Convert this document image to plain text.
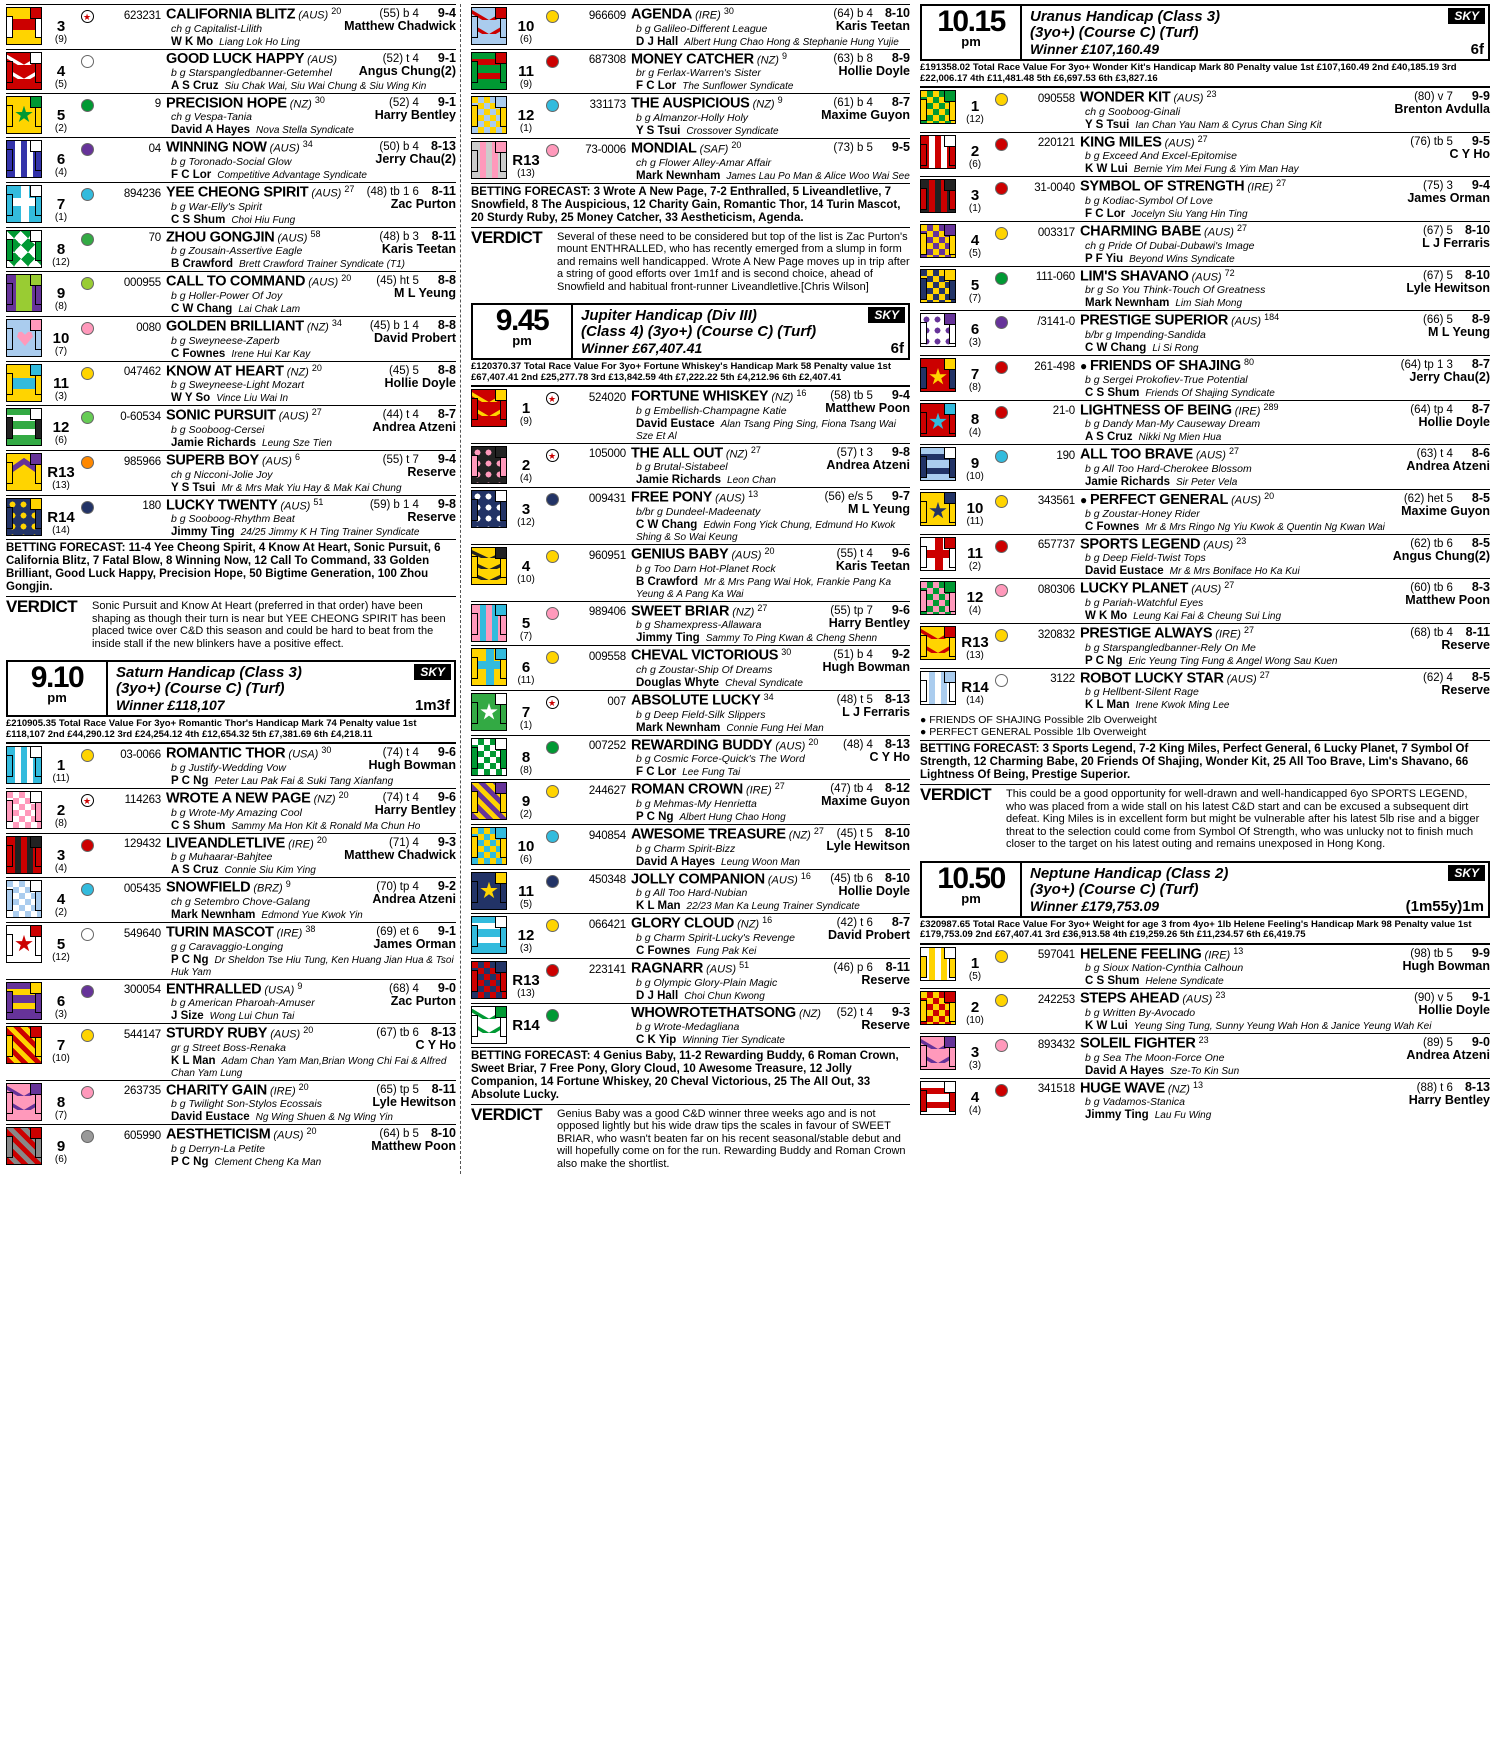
3
(9)
★	623231 CALIFORNIA BLITZ (AUS) $^{20}$	(55) b 4 9-4
ch g Capitalist-Lilith
W K Mo Liang Lok Ho Ling
Matthew Chadwick
4
(5)
GOOD LUCK HAPPY (AUS)	(52) t 4 9-1
b g Starspangledbanner-Getemhel
A S Cruz Siu Chak Wai, Siu Wai Chung & Siu Wing Kin
Angus Chung(2)
5
(2)
9 PRECISION HOPE (NZ) $^{30}$	(52) 4 9-1
ch g Vespa-Tania
David A Hayes Nova Stella Syndicate
Harry Bentley
6
(4)
04 WINNING NOW (AUS) $^{34}$	(50) b 4 8-13
b g Toronado-Social Glow
F C Lor Competitive Advantage Syndicate
Jerry Chau(2)
7
(1)
894236 YEE CHEONG SPIRIT (AUS) $^{27}$ (48) tb 1 6 8-11
b g War-Elly's Spirit
C S Shum Choi Hiu Fung
Zac Purton
8
(12)
70 ZHOU GONGJIN (AUS) $^{58}$	(48) b 3 8-11
b g Zousain-Assertive Eagle
B Crawford Brett Crawford Trainer Syndicate (T1)
Karis Teetan
9
(8)
000955 CALL TO COMMAND (AUS) $^{20}$ (45) ht 5 8-8
b g Holler-Power Of Joy
C W Chang Lai Chak Lam
M L Yeung
10
(7)
0080 GOLDEN BRILLIANT (NZ) $^{34}$ (45) b 1 4 8-8
b g Sweyneese-Zaperb
C Fownes Irene Hui Kar Kay
David Probert
11
(3)
047462 KNOW AT HEART (NZ) $^{20}$	(45) 5 8-8
b g Sweyneese-Light Mozart
W Y So Vince Liu Wai In
Hollie Doyle
12
(6)
0-60534 SONIC PURSUIT (AUS) $^{27}$	(44) t 4 8-7
b g Sooboog-Cersei
Jamie Richards Leung Sze Tien
Andrea Atzeni
R13
(13)
985966 SUPERB BOY (AUS) $^6$	(55) t 7 9-4
ch g Nicconi-Jolie Joy
Y S Tsui Mr & Mrs Mak Yiu Hay & Mak Kai Chung
Reserve
R14
(14)
180 LUCKY TWENTY (AUS) $^{51}$	(59) b 1 4 9-8
b g Sooboog-Rhythm Beat
Jimmy Ting 24/25 Jimmy K H Ting Trainer Syndicate
Reserve
BETTING FORECAST: 11-4 Yee Cheong Spirit, 4 Know At Heart, Sonic Pursuit, 6 California Blitz, 7 Fatal Blow, 8 Winning Now, 12 Call To Command, 33 Golden Brilliant, Good Luck Happy, Precision Hope, 50 Bigtime Generation, 100 Zhou Gongjin.
VERDICT	Sonic Pursuit and Know At Heart (preferred in that order) have been shaping as though their turn is near but YEE CHEONG SPIRIT has been placed twice over C&D this season and could be hard to beat from the inside stall if the new blinkers have a positive effect.
9.10
pm
SKY
Saturn Handicap (Class 3)
(3yo+) (Course C) (Turf)
Winner £118,107	1m3f
£210905.35 Total Race Value For 3yo+ Romantic Thor's Handicap Mark 74 Penalty value 1st £118,107 2nd £44,290.12 3rd £24,254.12 4th £12,654.32 5th £7,381.69 6th £4,218.11
1
(11)
03-0066 ROMANTIC THOR (USA) $^{30}$	(74) t 4 9-6
b g Justify-Wedding Vow
P C Ng Peter Lau Pak Fai & Suki Tang Xianfang
Hugh Bowman
2
(8)
★	114263 WROTE A NEW PAGE (NZ) $^{20}$	(74) t 4 9-6
b g Wrote-My Amazing Cool
C S Shum Sammy Ma Hon Kit & Ronald Ma Chun Ho
Harry Bentley
3
(4)
129432 LIVEANDLETLIVE (IRE) $^{20}$	(71) 4 9-3
b g Muhaarar-Bahjtee
A S Cruz Connie Siu Kim Ying
Matthew Chadwick
4
(2)
005435 SNOWFIELD (BRZ) $^9$	(70) tp 4 9-2
ch g Setembro Chove-Galang
Mark Newnham Edmond Yue Kwok Yin
Andrea Atzeni
5
(12)
549640 TURIN MASCOT (IRE) $^{38}$	(69) et 6 9-1
g g Caravaggio-Longing
P C Ng Dr Sheldon Tse Hiu Tung, Ken Huang Jian Hua & Tsoi Huk Yam
James Orman
6
(3)
300054 ENTHRALLED (USA) $^9$	(68) 4 9-0
b g American Pharoah-Amuser
J Size Wong Lui Chun Tai
Zac Purton
7
(10)
544147 STURDY RUBY (AUS) $^{20}$	(67) tb 6 8-13
gr g Street Boss-Renaka
K L Man Adam Chan Yam Man,Brian Wong Chi Fai & Alfred Chan Yam Lung
C Y Ho
8
(7)
263735 CHARITY GAIN (IRE) $^{20}$	(65) tp 5 8-11
b g Twilight Son-Stylos Ecossais
David Eustace Ng Wing Shuen & Ng Wing Yin
Lyle Hewitson
9
(6)
605990 AESTHETICISM (AUS) $^{20}$	(64) b 5 8-10
b g Derryn-La Petite
P C Ng Clement Cheng Ka Man
Matthew Poon
10
(6)
966609 AGENDA (IRE) $^{30}$	(64) b 4 8-10
b g Galileo-Different League
D J Hall Albert Hung Chao Hong & Stephanie Hung Yujie
Karis Teetan
11
(9)
687308 MONEY CATCHER (NZ) $^9$	(63) b 8 8-9
br g Ferlax-Warren's Sister
F C Lor The Sunflower Syndicate
Hollie Doyle
12
(1)
331173 THE AUSPICIOUS (NZ) $^9$	(61) b 4 8-7
b g Almanzor-Holly Holy
Y S Tsui Crossover Syndicate
Maxime Guyon
R13
(13)
73-0006 MONDIAL (SAF) $^{20}$	(73) b 5 9-5
ch g Flower Alley-Amar Affair
Mark Newnham James Lau Po Man & Alice Woo Wai See
BETTING FORECAST: 3 Wrote A New Page, 7-2 Enthralled, 5 Liveandletlive, 7 Snowfield, 8 The Auspicious, 12 Charity Gain, Romantic Thor, 14 Turin Mascot, 20 Sturdy Ruby, 25 Money Catcher, 33 Aestheticism, Agenda.
VERDICT	Several of these need to be considered but top of the list is Zac Purton's mount ENTHRALLED, who has recently emerged from a slump in form and remains well handicapped. Wrote A New Page moves up in trip after a string of good efforts over 1m1f and is second choice, ahead of Snowfield and habitual front-runner Liveandletlive.[Chris Wilson]
9.45
pm
SKY
Jupiter Handicap (Div III)
(Class 4) (3yo+) (Course C) (Turf)
Winner £67,407.41	6f
£120370.37 Total Race Value For 3yo+ Fortune Whiskey's Handicap Mark 58 Penalty value 1st £67,407.41 2nd £25,277.78 3rd £13,842.59 4th £7,222.22 5th £4,212.96 6th £2,407.41
1
(9)
★	524020 FORTUNE WHISKEY (NZ) $^{16}$ (58) tb 5 9-4
b g Embellish-Champagne Katie
David Eustace Alan Tsang Ping Sing, Fiona Tsang Wai Sze Et Al
Matthew Poon
2
(4)
★	105000 THE ALL OUT (NZ) $^{27}$	(57) t 3 9-8
b g Brutal-Sistabeel
Jamie Richards Leon Chan
Andrea Atzeni
3
(12)
009431 FREE PONY (AUS) $^{13}$	(56) e/s 5 9-7
b/br g Dundeel-Madeenaty
C W Chang Edwin Fong Yick Chung, Edmund Ho Kwok Shing & So Wai Keung
M L Yeung
4
(10)
960951 GENIUS BABY (AUS) $^{20}$	(55) t 4 9-6
b g Too Darn Hot-Planet Rock
B Crawford Mr & Mrs Pang Wai Hok, Frankie Pang Ka Yeung & A Pang Ka Wai
Karis Teetan
5
(7)
989406 SWEET BRIAR (NZ) $^{27}$	(55) tp 7 9-6
b g Shamexpress-Allawara
Jimmy Ting Sammy To Ping Kwan & Cheng Shenn
Harry Bentley
6
(11)
009558 CHEVAL VICTORIOUS $^{30}$	(51) b 4 9-2
ch g Zoustar-Ship Of Dreams
Douglas Whyte Cheval Syndicate
Hugh Bowman
7
(1)
★	007 ABSOLUTE LUCKY $^{34}$	(48) t 5 8-13
b g Deep Field-Silk Slippers
Mark Newnham Connie Fung Hei Man
L J Ferraris
8
(8)
007252 REWARDING BUDDY (AUS) $^{20}$ (48) 4 8-13
b g Cosmic Force-Quick's The Word
F C Lor Lee Fung Tai
C Y Ho
9
(2)
244627 ROMAN CROWN (IRE) $^{27}$	(47) tb 4 8-12
b g Mehmas-My Henrietta
P C Ng Albert Hung Chao Hong
Maxime Guyon
10
(6)
940854 AWESOME TREASURE (NZ) $^{27}$ (45) t 5 8-10
b g Charm Spirit-Bizz
David A Hayes Leung Woon Man
Lyle Hewitson
11
(5)
450348 JOLLY COMPANION (AUS) $^{16}$ (45) tb 6 8-10
b g All Too Hard-Nubian
K L Man 22/23 Man Ka Leung Trainer Syndicate
Hollie Doyle
12
(3)
066421 GLORY CLOUD (NZ) $^{16}$	(42) t 6 8-7
b g Charm Spirit-Lucky's Revenge
C Fownes Fung Pak Kei
David Probert
R13
(13)
223141 RAGNARR (AUS) $^{51}$	(46) p 6 8-11
b g Olympic Glory-Plain Magic
D J Hall Choi Chun Kwong
Reserve
R14
WHOWROTETHATSONG (NZ) (52) t 4 9-3
b g Wrote-Medagliana
C K Yip Winning Tier Syndicate
Reserve
BETTING FORECAST: 4 Genius Baby, 11-2 Rewarding Buddy, 6 Roman Crown, Sweet Briar, 7 Free Pony, Glory Cloud, 10 Awesome Treasure, 12 Jolly Companion, 14 Fortune Whiskey, 20 Cheval Victorious, 25 The All Out, 33 Absolute Lucky.
VERDICT	Genius Baby was a good C&D winner three weeks ago and is not opposed lightly but his wide draw tips the scales in favour of SWEET BRIAR, who wasn't beaten far on his recent seasonal/stable debut and will hopefully come on for the run. Rewarding Buddy and Roman Crown also make the shortlist.
10.15
pm
SKY
Uranus Handicap (Class 3)
(3yo+) (Course C) (Turf)
Winner £107,160.49	6f
£191358.02 Total Race Value For 3yo+ Wonder Kit's Handicap Mark 80 Penalty value 1st £107,160.49 2nd £40,185.19 3rd £22,006.17 4th £11,481.48 5th £6,697.53 6th £3,827.16
1
(12)
090558 WONDER KIT (AUS) $^{23}$	(80) v 7 9-9
ch g Sooboog-Ginali
Y S Tsui Ian Chan Yau Nam & Cyrus Chan Sing Kit
Brenton Avdulla
2
(6)
220121 KING MILES (AUS) $^{27}$	(76) tb 5 9-5
b g Exceed And Excel-Epitomise
K W Lui Bernie Yim Mei Fung & Yim Man Hay
C Y Ho
3
(1)
31-0040 SYMBOL OF STRENGTH (IRE) $^{27}$	(75) 3 9-4
b g Kodiac-Symbol Of Love
F C Lor Jocelyn Siu Yang Hin Ting
James Orman
4
(5)
003317 CHARMING BABE (AUS) $^{27}$	(67) 5 8-10
ch g Pride Of Dubai-Dubawi's Image
P F Yiu Beyond Wins Syndicate
L J Ferraris
5
(7)
111-060 LIM'S SHAVANO (AUS) $^{72}$	(67) 5 8-10
br g So You Think-Touch Of Greatness
Mark Newnham Lim Siah Mong
Lyle Hewitson
6
(3)
/3141-0 PRESTIGE SUPERIOR (AUS) $^{184}$	(66) 5 8-9
b/br g Impending-Sandida
C W Chang Li Si Rong
M L Yeung
7
(8)
261-498 ● FRIENDS OF SHAJING $^{80}$	(64) tp 1 3 8-7
b g Sergei Prokofiev-True Potential
C S Shum Friends Of Shajing Syndicate
Jerry Chau(2)
8
(4)
21-0 LIGHTNESS OF BEING (IRE) $^{289}$	(64) tp 4 8-7
b g Dandy Man-My Causeway Dream
A S Cruz Nikki Ng Mien Hua
Hollie Doyle
9
(10)
190 ALL TOO BRAVE (AUS) $^{27}$	(63) t 4 8-6
b g All Too Hard-Cherokee Blossom
Jamie Richards Sir Peter Vela
Andrea Atzeni
10
(11)
343561 ● PERFECT GENERAL (AUS) $^{20}$	(62) het 5 8-5
b g Zoustar-Honey Rider
C Fownes Mr & Mrs Ringo Ng Yiu Kwok & Quentin Ng Kwan Wai
Maxime Guyon
11
(2)
657737 SPORTS LEGEND (AUS) $^{23}$	(62) tb 6 8-5
b g Deep Field-Twist Tops
David Eustace Mr & Mrs Boniface Ho Ka Kui
Angus Chung(2)
12
(4)
080306 LUCKY PLANET (AUS) $^{27}$	(60) tb 6 8-3
b g Pariah-Watchful Eyes
W K Mo Leung Kai Fai & Cheung Sui Ling
Matthew Poon
R13
(13)
320832 PRESTIGE ALWAYS (IRE) $^{27}$	(68) tb 4 8-11
b g Starspangledbanner-Rely On Me
P C Ng Eric Yeung Ting Fung & Angel Wong Sau Kuen
Reserve
R14
(14)
3122 ROBOT LUCKY STAR (AUS) $^{27}$	(62) 4 8-5
b g Hellbent-Silent Rage
K L Man Irene Kwok Ming Lee
Reserve
● FRIENDS OF SHAJING Possible 2lb Overweight
● PERFECT GENERAL Possible 1lb Overweight
BETTING FORECAST: 3 Sports Legend, 7-2 King Miles, Perfect General, 6 Lucky Planet, 7 Symbol Of Strength, 12 Charming Babe, 20 Friends Of Shajing, Wonder Kit, 25 All Too Brave, Lim's Shavano, 66 Lightness Of Being, Prestige Superior.
VERDICT	This could be a good opportunity for well-drawn and well-handicapped 6yo SPORTS LEGEND, who was placed from a wide stall on his latest C&D start and can be excused a subsequent dirt defeat. King Miles is in excellent form but might be vulnerable after his latest 5lb rise and a bigger threat to the selection could come from Symbol Of Strength, who was unlucky not to finish much closer to the target on his latest outing and remains unexposed in Hong Kong.
10.50
pm
SKY
Neptune Handicap (Class 2)
(3yo+) (Course C) (Turf)
Winner £179,753.09	(1m55y)1m
£320987.65 Total Race Value For 3yo+ Weight for age 3 from 4yo+ 1lb Helene Feeling's Handicap Mark 98 Penalty value 1st £179,753.09 2nd £67,407.41 3rd £36,913.58 4th £19,259.26 5th £11,234.57 6th £6,419.75
1
(5)
597041 HELENE FEELING (IRE) $^{13}$	(98) tb 5 9-9
b g Sioux Nation-Cynthia Calhoun
C S Shum Helene Syndicate
Hugh Bowman
2
(10)
242253 STEPS AHEAD (AUS) $^{23}$	(90) v 5 9-1
b g Written By-Avocado
K W Lui Yeung Sing Tung, Sunny Yeung Wah Hon & Janice Yeung Wah Kei
Hollie Doyle
3
(3)
893432 SOLEIL FIGHTER $^{23}$	(89) 5 9-0
b g Sea The Moon-Force One
David A Hayes Sze-To Kin Sun
Andrea Atzeni
4
(4)
341518 HUGE WAVE (NZ) $^{13}$	(88) t 6 8-13
b g Vadamos-Stanica
Jimmy Ting Lau Fu Wing
Harry Bentley
